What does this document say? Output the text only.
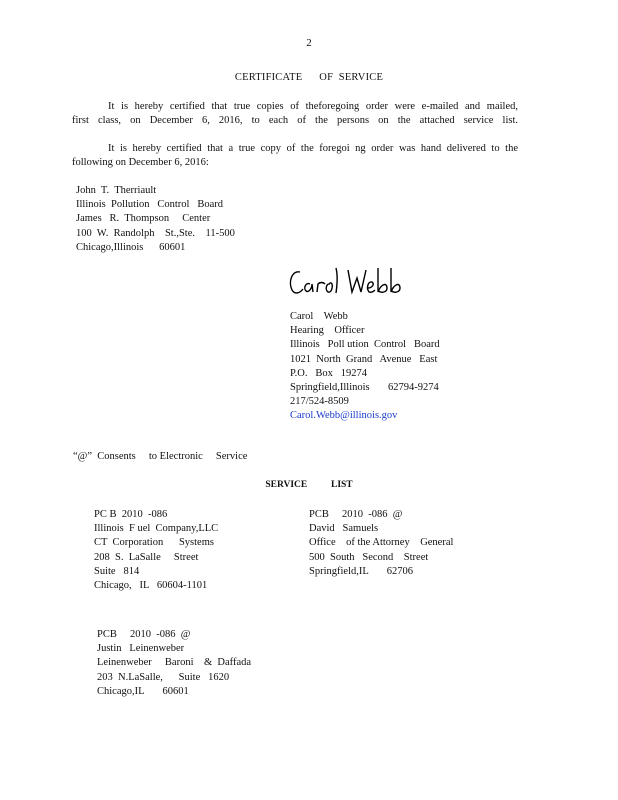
2
CERTIFICATE      OF  SERVICE
It is hereby certified that true copies of theforegoing order were e-mailed and mailed,
first class, on December 6, 2016, to each of the persons on the attached service list.
It is hereby certified that a true copy of the foregoi ng order was hand delivered to the
following on December 6, 2016:
John  T.  Therriault
Illinois  Pollution   Control   Board
James   R.  Thompson     Center
100  W.  Randolph    St.,Ste.    11-500
Chicago,Illinois      60601
Carol    Webb
Hearing    Officer
Illinois   Poll ution  Control   Board
1021  North  Grand   Avenue   East
P.O.   Box   19274
Springfield,Illinois       62794-9274
217/524-8509
Carol.Webb@illinois.gov
“@”  Consents     to Electronic     Service
SERVICE          LIST
PC B  2010  -086
Illinois  F uel  Company,LLC
CT  Corporation      Systems
208  S.  LaSalle     Street
Suite   814
Chicago,   IL   60604-1101
PCB     2010  -086  @
David   Samuels
Office    of the Attorney    General
500  South   Second    Street
Springfield,IL       62706
PCB     2010  -086  @
Justin   Leinenweber
Leinenweber     Baroni    &  Daffada
203  N.LaSalle,      Suite   1620
Chicago,IL       60601
